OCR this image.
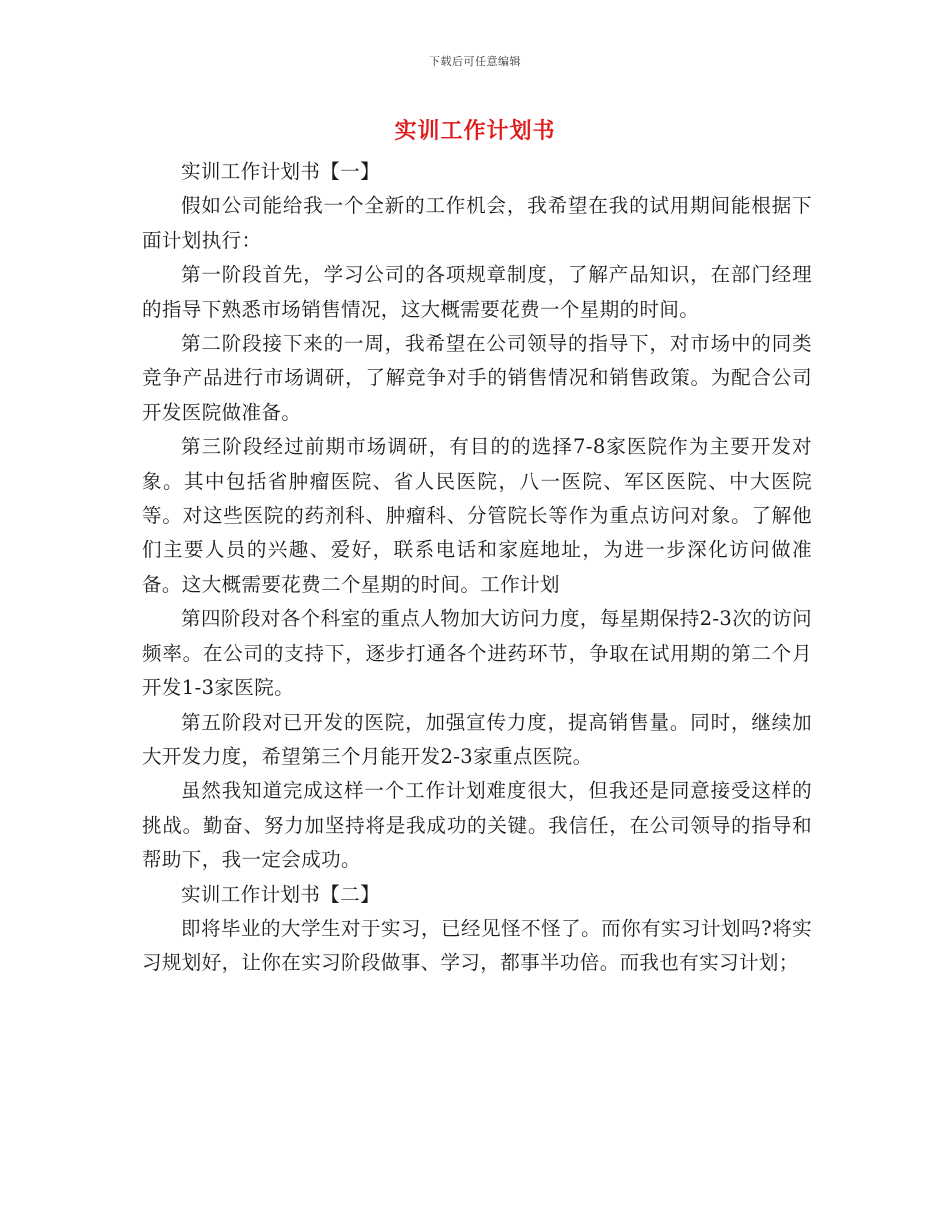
下载后可任意编辑
实训工作计划书

实训工作计划书【一】

假如公司能给我一个全新的工作机会，我希望在我的试用期间能根据下面计划执行：

第一阶段首先，学习公司的各项规章制度，了解产品知识，在部门经理的指导下熟悉市场销售情况，这大概需要花费一个星期的时间。

第二阶段接下来的一周，我希望在公司领导的指导下，对市场中的同类竞争产品进行市场调研，了解竞争对手的销售情况和销售政策。为配合公司开发医院做准备。

第三阶段经过前期市场调研，有目的的选择7-8家医院作为主要开发对象。其中包括省肿瘤医院、省人民医院，八一医院、军区医院、中大医院等。对这些医院的药剂科、肿瘤科、分管院长等作为重点访问对象。了解他们主要人员的兴趣、爱好，联系电话和家庭地址，为进一步深化访问做准备。这大概需要花费二个星期的时间。工作计划

第四阶段对各个科室的重点人物加大访问力度，每星期保持2-3次的访问频率。在公司的支持下，逐步打通各个进药环节，争取在试用期的第二个月开发1-3家医院。

第五阶段对已开发的医院，加强宣传力度，提高销售量。同时，继续加大开发力度，希望第三个月能开发2-3家重点医院。

虽然我知道完成这样一个工作计划难度很大，但我还是同意接受这样的挑战。勤奋、努力加坚持将是我成功的关键。我信任，在公司领导的指导和帮助下，我一定会成功。

实训工作计划书【二】

即将毕业的大学生对于实习，已经见怪不怪了。而你有实习计划吗?将实习规划好，让你在实习阶段做事、学习，都事半功倍。而我也有实习计划；
